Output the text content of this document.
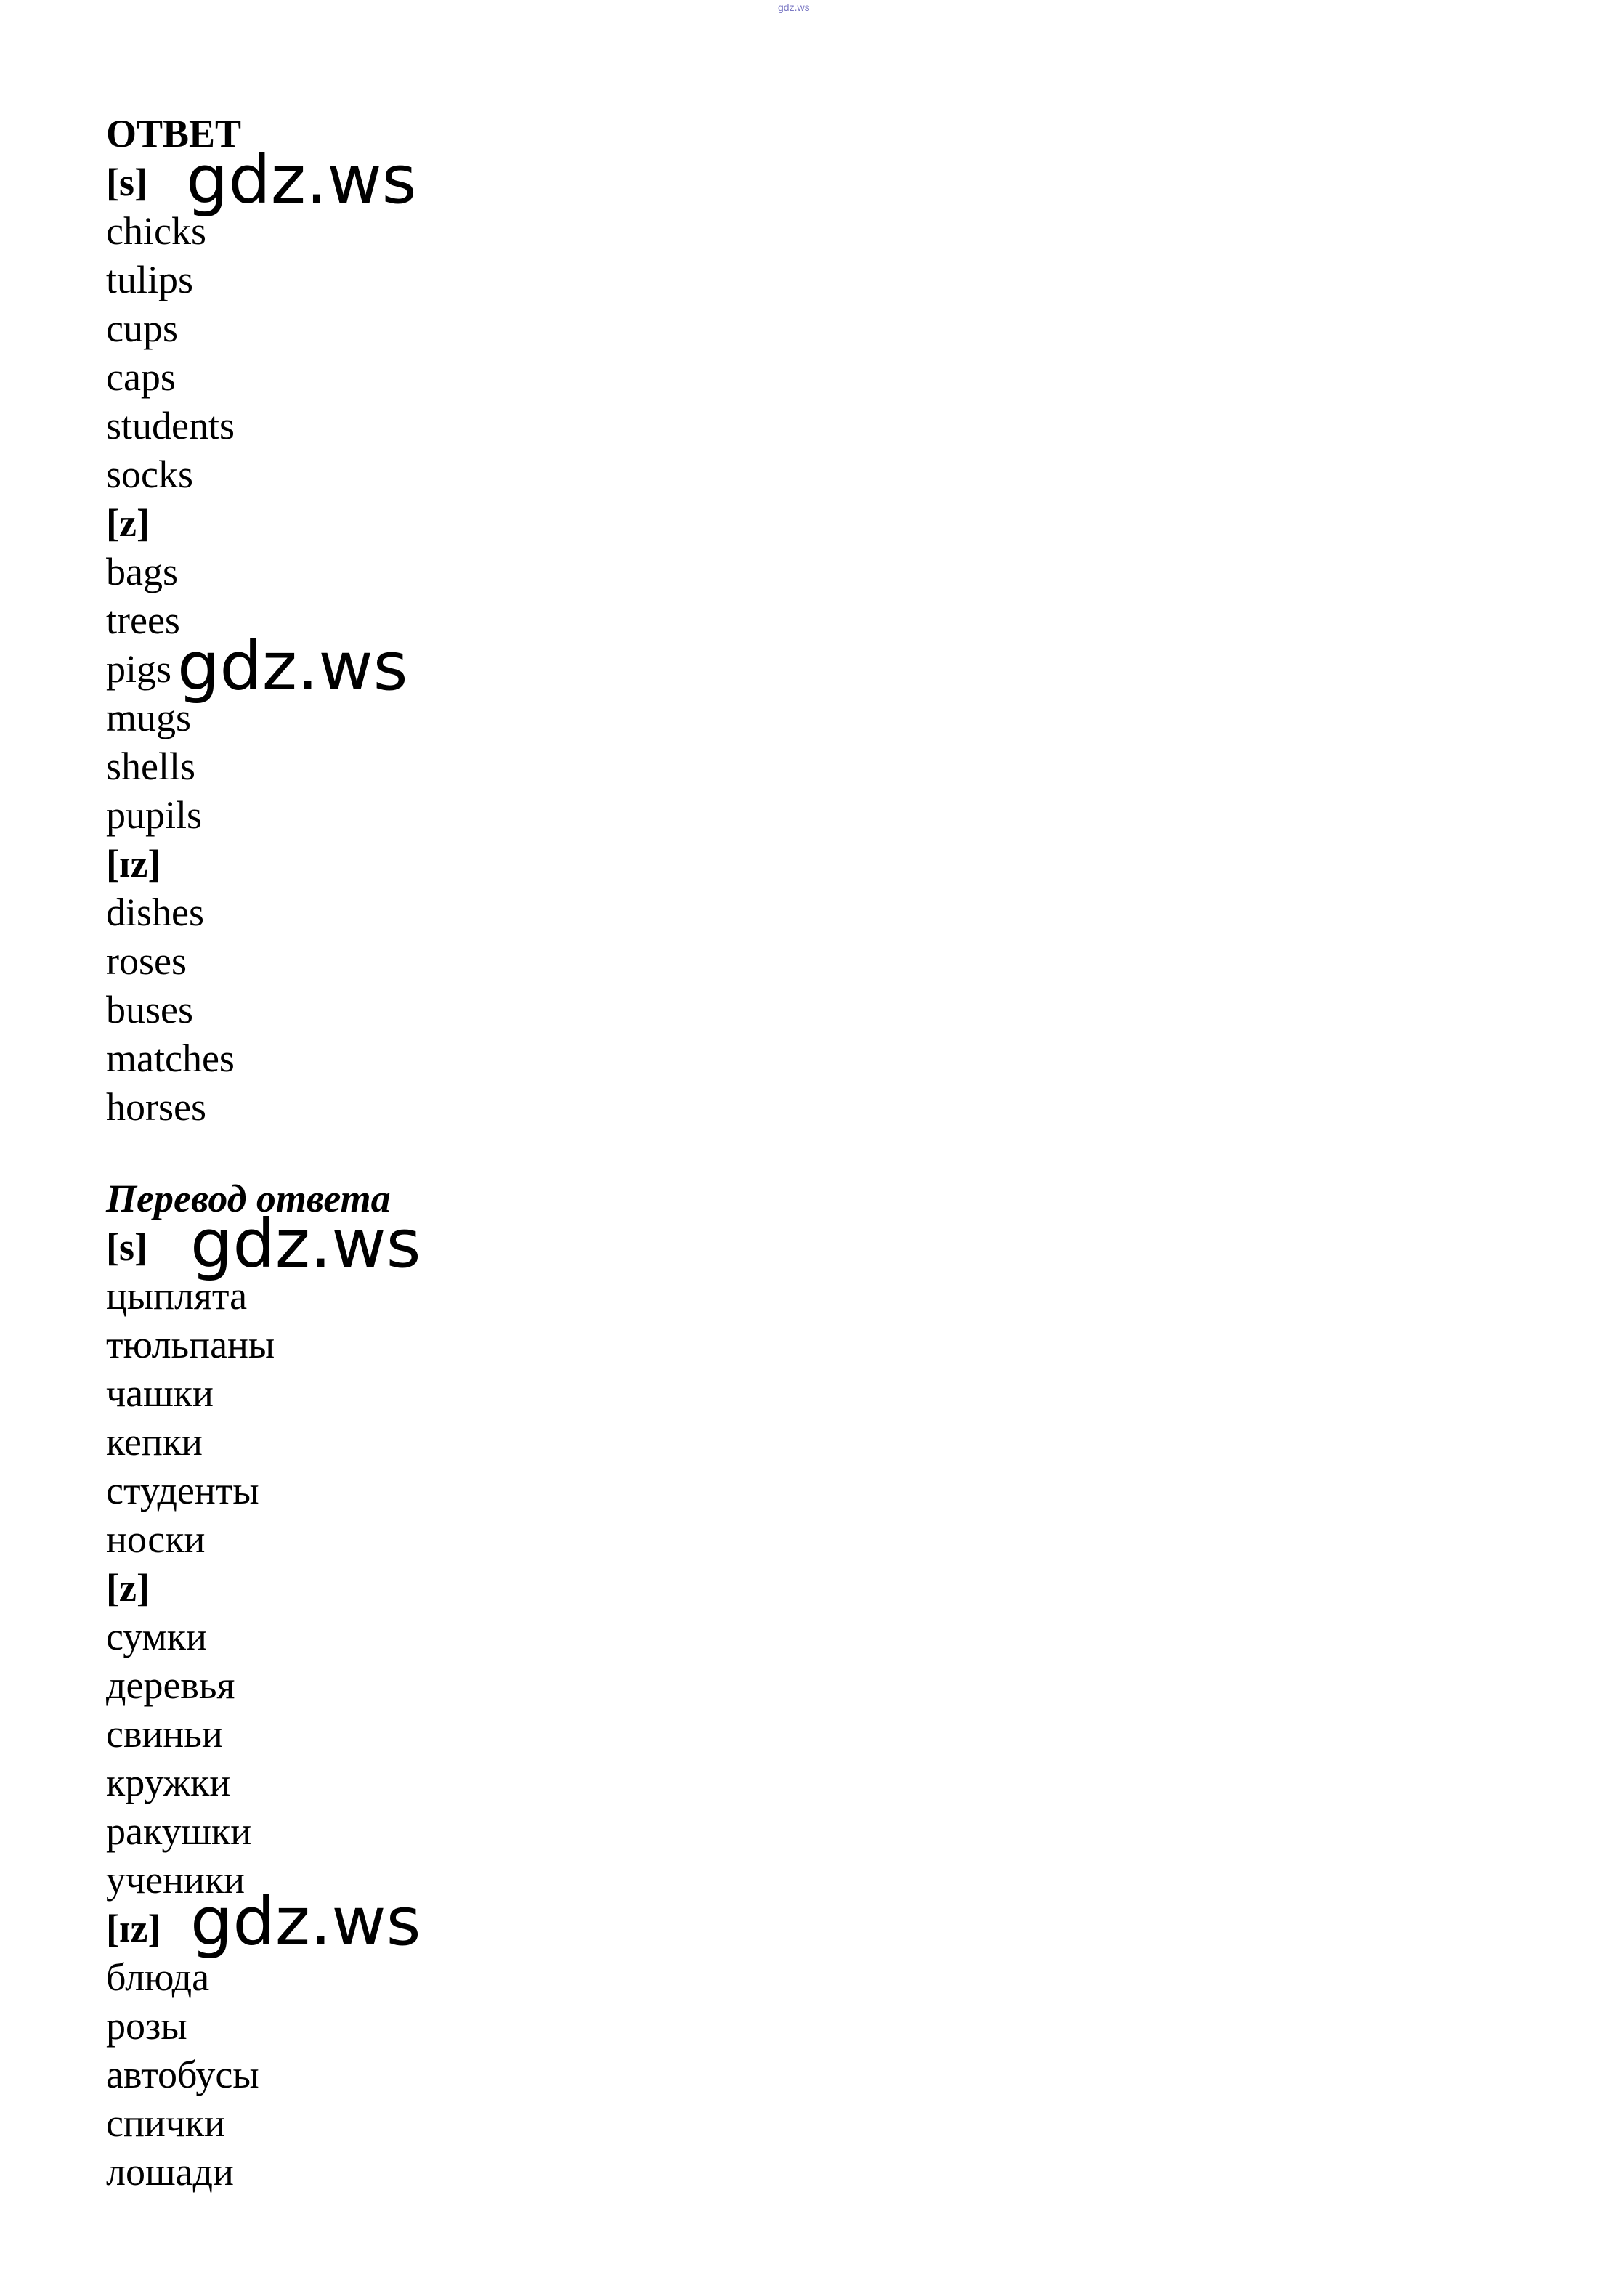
gdz.ws
ОТВЕТ
[s]
chicks
tulips
cups
caps
students
socks
[z]
bags
trees
pigs
mugs
shells
pupils
[ɪz]
dishes
roses
buses
matches
horses
Перевод ответа
[s]
цыплята
тюльпаны
чашки
кепки
студенты
носки
[z]
сумки
деревья
свиньи
кружки
ракушки
ученики
[ɪz]
блюда
розы
автобусы
спички
лошади
gdz.ws
gdz.ws
gdz.ws
gdz.ws
